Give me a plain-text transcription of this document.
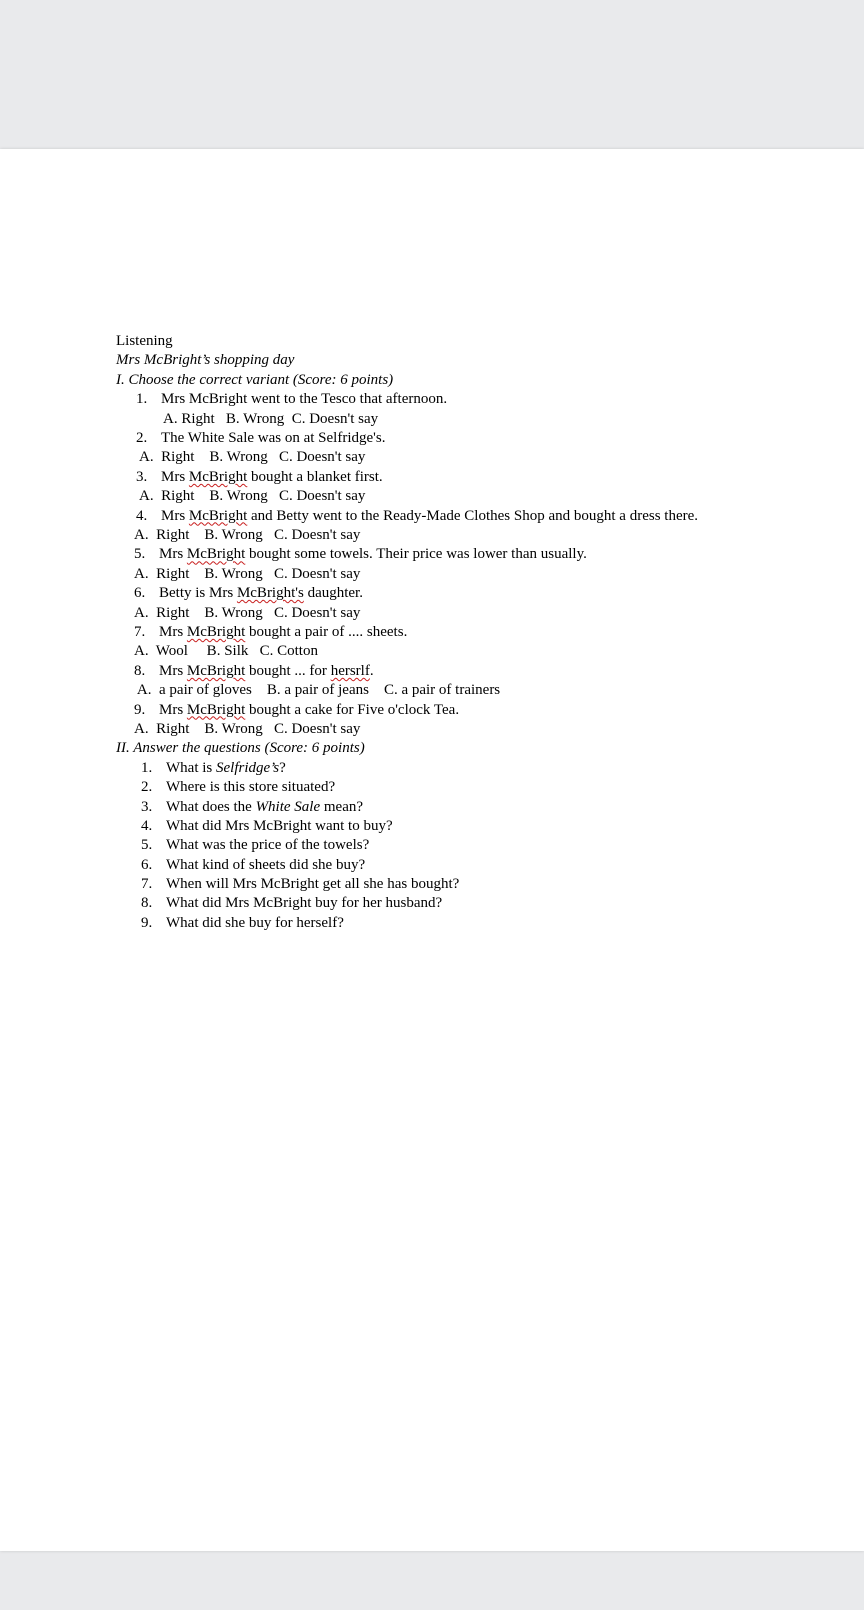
Listening
Mrs McBright’s shopping day
I. Choose the correct variant (Score: 6 points)
1. Mrs McBright went to the Tesco that afternoon.
A. Right   B. Wrong  C. Doesn't say
2. The White Sale was on at Selfridge's.
A.  Right    B. Wrong   C. Doesn't say
3. Mrs McBright bought a blanket first.
A.  Right    B. Wrong   C. Doesn't say
4. Mrs McBright and Betty went to the Ready-Made Clothes Shop and bought a dress there.
A.  Right    B. Wrong   C. Doesn't say
5. Mrs McBright bought some towels. Their price was lower than usually.
A.  Right    B. Wrong   C. Doesn't say
6. Betty is Mrs McBright's daughter.
A.  Right    B. Wrong   C. Doesn't say
7. Mrs McBright bought a pair of .... sheets.
A.  Wool     B. Silk   C. Cotton
8. Mrs McBright bought ... for hersrlf.
A.  a pair of gloves    B. a pair of jeans    C. a pair of trainers
9. Mrs McBright bought a cake for Five o'clock Tea.
A.  Right    B. Wrong   C. Doesn't say
II. Answer the questions (Score: 6 points)
1. What is Selfridge’s?
2. Where is this store situated?
3. What does the White Sale mean?
4. What did Mrs McBright want to buy?
5. What was the price of the towels?
6. What kind of sheets did she buy?
7. When will Mrs McBright get all she has bought?
8. What did Mrs McBright buy for her husband?
9. What did she buy for herself?
